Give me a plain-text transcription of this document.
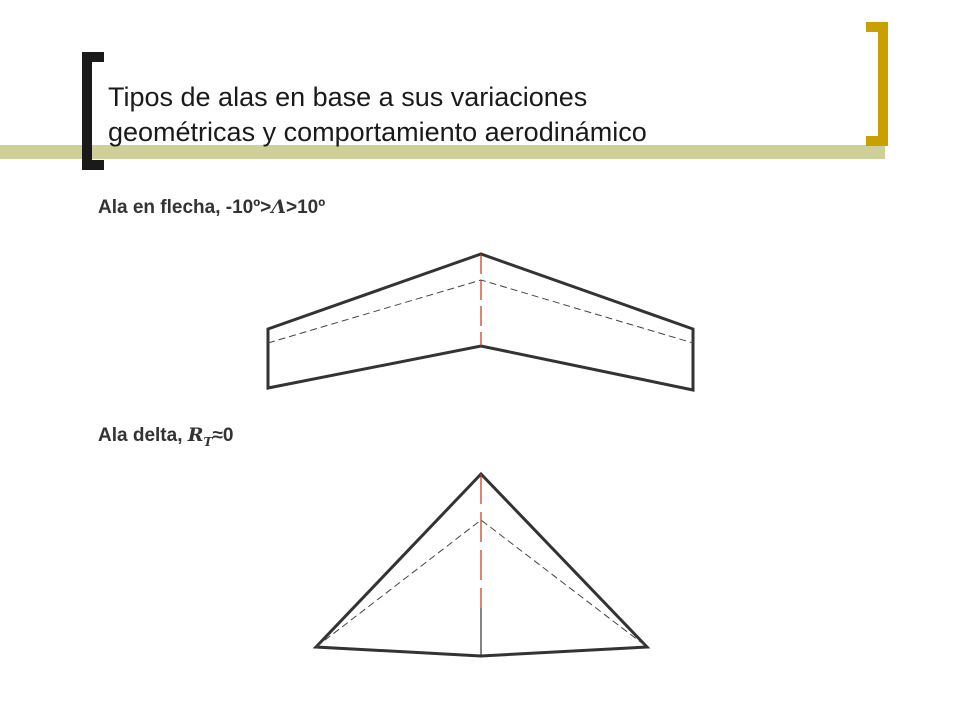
Tipos de alas en base a sus variaciones
geométricas y comportamiento aerodinámico
Ala en flecha, -10º>Λ>10º
Ala delta, $R_T\approx 0$
